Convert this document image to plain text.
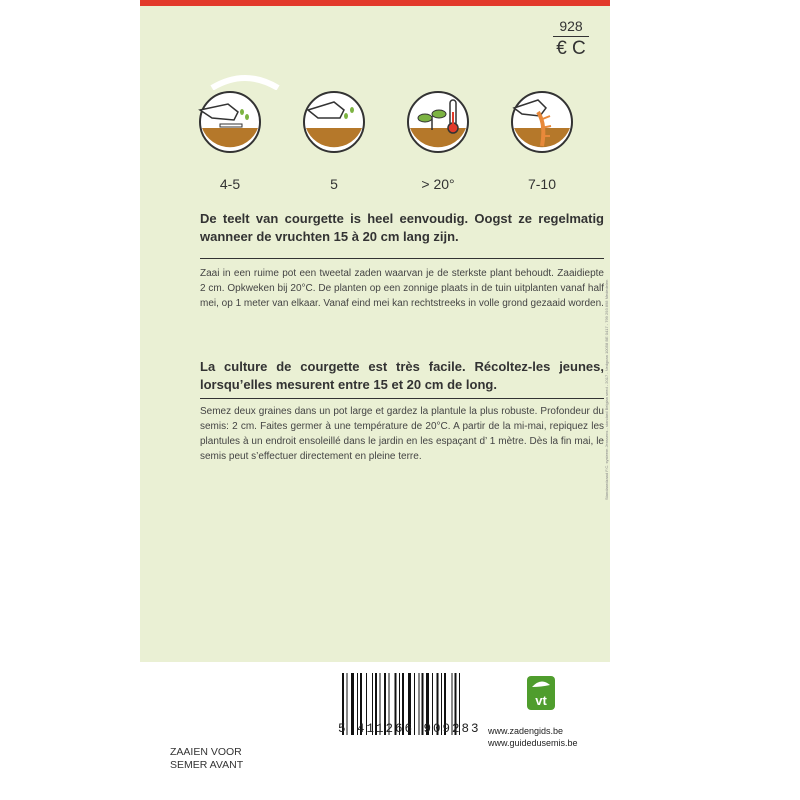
928
€ C
4-5	5	> 20°	7-10
De teelt van courgette is heel eenvoudig. Oogst ze regelmatig wanneer de vruchten 15 à 20 cm lang zijn.
Zaai in een ruime pot een tweetal zaden waarvan je de sterkste plant behoudt. Zaaidiepte 2 cm. Opkweken bij 20°C. De planten op een zonnige plaats in de tuin uitplanten vanaf half mei, op 1 meter van elkaar. Vanaf eind mei kan rechtstreeks in volle grond gezaaid worden.
La culture de courgette est très facile. Récoltez-les jeunes, lorsqu’elles mesurent entre 15 et 20 cm de long.
Semez deux graines dans un pot large et gardez la plantule la plus robuste. Profondeur du semis: 2 cm. Faites germer à une température de 20°C. A partir de la mi-mai, repiquez les plantules à un endroit ensoleillé dans le jardin en les espaçant d’ 1 mètre. Dès la fin mai, le semis peut s’effectuer directement en pleine terre.	Standaardzaad F.C. systeem Jenssens - standard Belgian seed - 2017 - Nedgoan 10058 BE 0417 - 799 293 898 Mededelen
5 411266 909283
vt
www.zadengids.be
www.guidedusemis.be
ZAAIEN VOOR
SEMER AVANT
